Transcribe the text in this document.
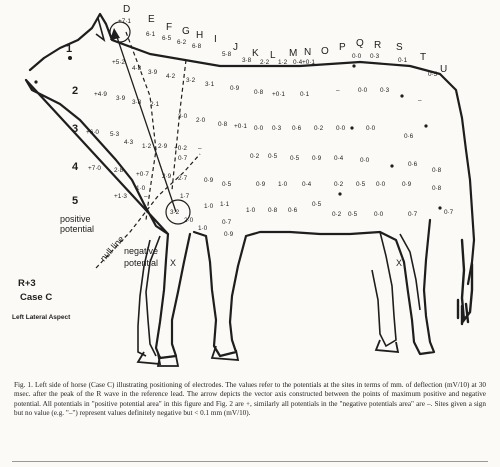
D
E
F G H I
J
K L M N O P Q R S
T
U
+7·1
6·1
6·5
6·2
6·8
5·8
3·8 2·2 1·2 0·4 +0·1
0·0 0·3
0·1
0·5
1
2
3
4
5
+5·2
4·8
3·9
4·2
3·2
3·1
0·9
0·8 +0·1 0·1
–	0·0 0·3
–
+4·9
3·9
3·8 2·1
3·0
2·0
0·8 +0·1 0·0 0·3 0·6 0·2 0·0	0·0
0·6
+6·0 5·3
4·3
1·2 2·9 +0·2 –
0·7	0·2 0·5 0·5 0·9 0·4	0·0
0·6
0·8
+7·0 2·8
+0·7 2·9
1·0
2·7	0·9
0·5	0·9 1·0 0·4	0·2 0·5 0·0	0·9
0·8
+1·3	–	1·7
3·2
1·0 1·1
1·0 0·8 0·6
0·5
0·2 0·5	0·0	0·7	0·7
2·0
1·0
0·7
0·9
positive
potential
negative
potential
null line	X	X
R+3
Case C
Left Lateral Aspect

Fig. 1. Left side of horse (Case C) illustrating positioning of electrodes. The values refer to the potentials at the sites in terms of mm. of deflection (mV/10) at 30 msec. after the peak of the R wave in the reference lead. The arrow depicts the vector axis constructed between the points of maximum positive and negative potential. All potentials in "positive potential area" in this figure and Fig. 2 are +, similarly all potentials in the "negative potentials area" are –. Sites given a sign but no value (e.g. "–") represent values definitely negative but < 0.1 mm (mV/10).
